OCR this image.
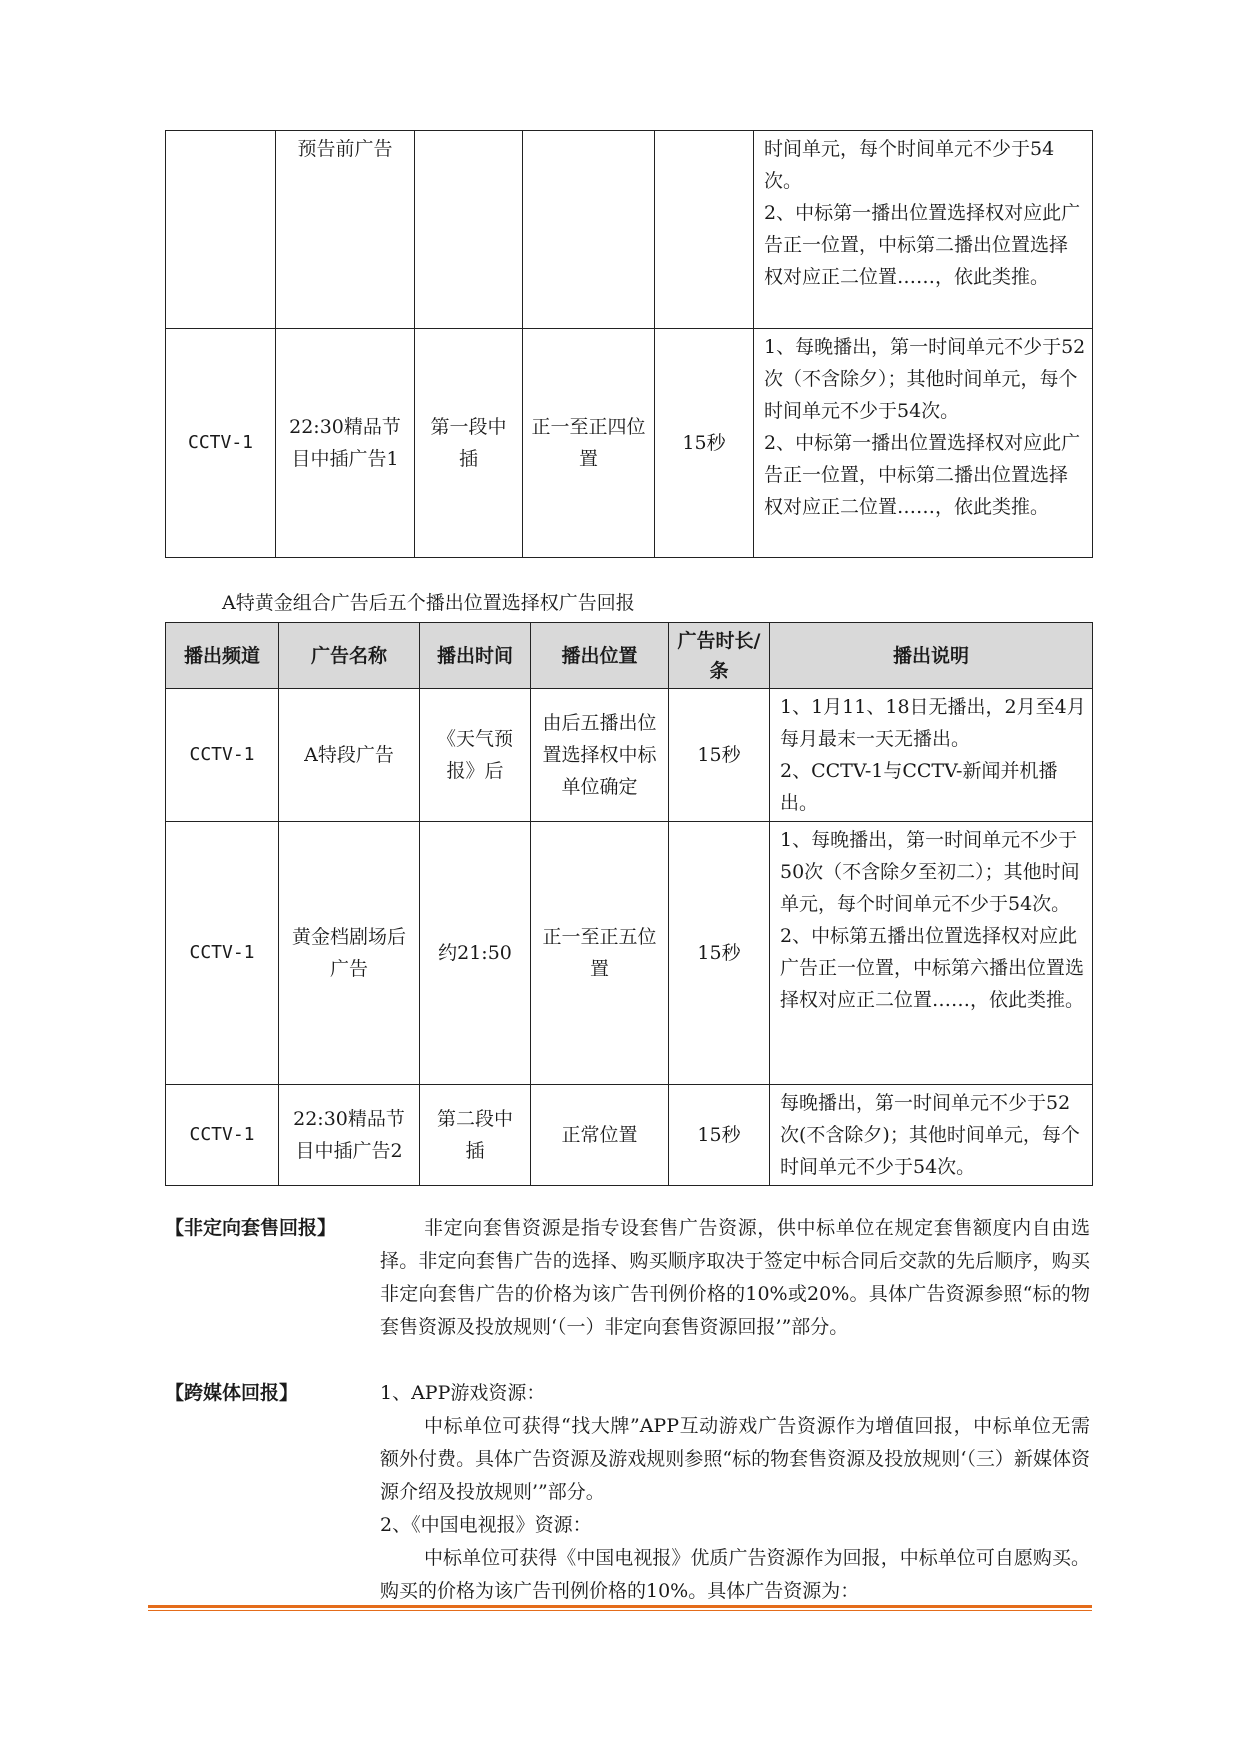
	预告前广告				时间单元，每个时间单元不少于54次。
2、中标第一播出位置选择权对应此广告正一位置，中标第二播出位置选择权对应正二位置……，依此类推。
CCTV-1	22:30精品节目中插广告1	第一段中插	正一至正四位置	15秒	1、每晚播出，第一时间单元不少于52次（不含除夕）；其他时间单元，每个时间单元不少于54次。
2、中标第一播出位置选择权对应此广告正一位置，中标第二播出位置选择权对应正二位置……，依此类推。
A特黄金组合广告后五个播出位置选择权广告回报
播出频道	广告名称	播出时间	播出位置	广告时长/条	播出说明
CCTV-1	A特段广告	《天气预报》后	由后五播出位置选择权中标单位确定	15秒	1、1月11、18日无播出，2月至4月每月最末一天无播出。
2、CCTV-1与CCTV-新闻并机播出。
CCTV-1	黄金档剧场后广告	约21:50	正一至正五位置	15秒	1、每晚播出，第一时间单元不少于50次（不含除夕至初二）；其他时间单元，每个时间单元不少于54次。
2、中标第五播出位置选择权对应此广告正一位置，中标第六播出位置选择权对应正二位置……，依此类推。
CCTV-1	22:30精品节目中插广告2	第二段中插	正常位置	15秒	每晚播出，第一时间单元不少于52次(不含除夕)；其他时间单元，每个时间单元不少于54次。
【非定向套售回报】	非定向套售资源是指专设套售广告资源，供中标单位在规定套售额度内自由选择。非定向套售广告的选择、购买顺序取决于签定中标合同后交款的先后顺序，购买非定向套售广告的价格为该广告刊例价格的10%或20%。具体广告资源参照“标的物套售资源及投放规则‘（一）非定向套售资源回报’”部分。

【跨媒体回报】	1、APP游戏资源：

中标单位可获得“找大牌”APP互动游戏广告资源作为增值回报，中标单位无需额外付费。具体广告资源及游戏规则参照“标的物套售资源及投放规则‘（三）新媒体资源介绍及投放规则’”部分。

2、《中国电视报》资源：

中标单位可获得《中国电视报》优质广告资源作为回报，中标单位可自愿购买。购买的价格为该广告刊例价格的10%。具体广告资源为：
